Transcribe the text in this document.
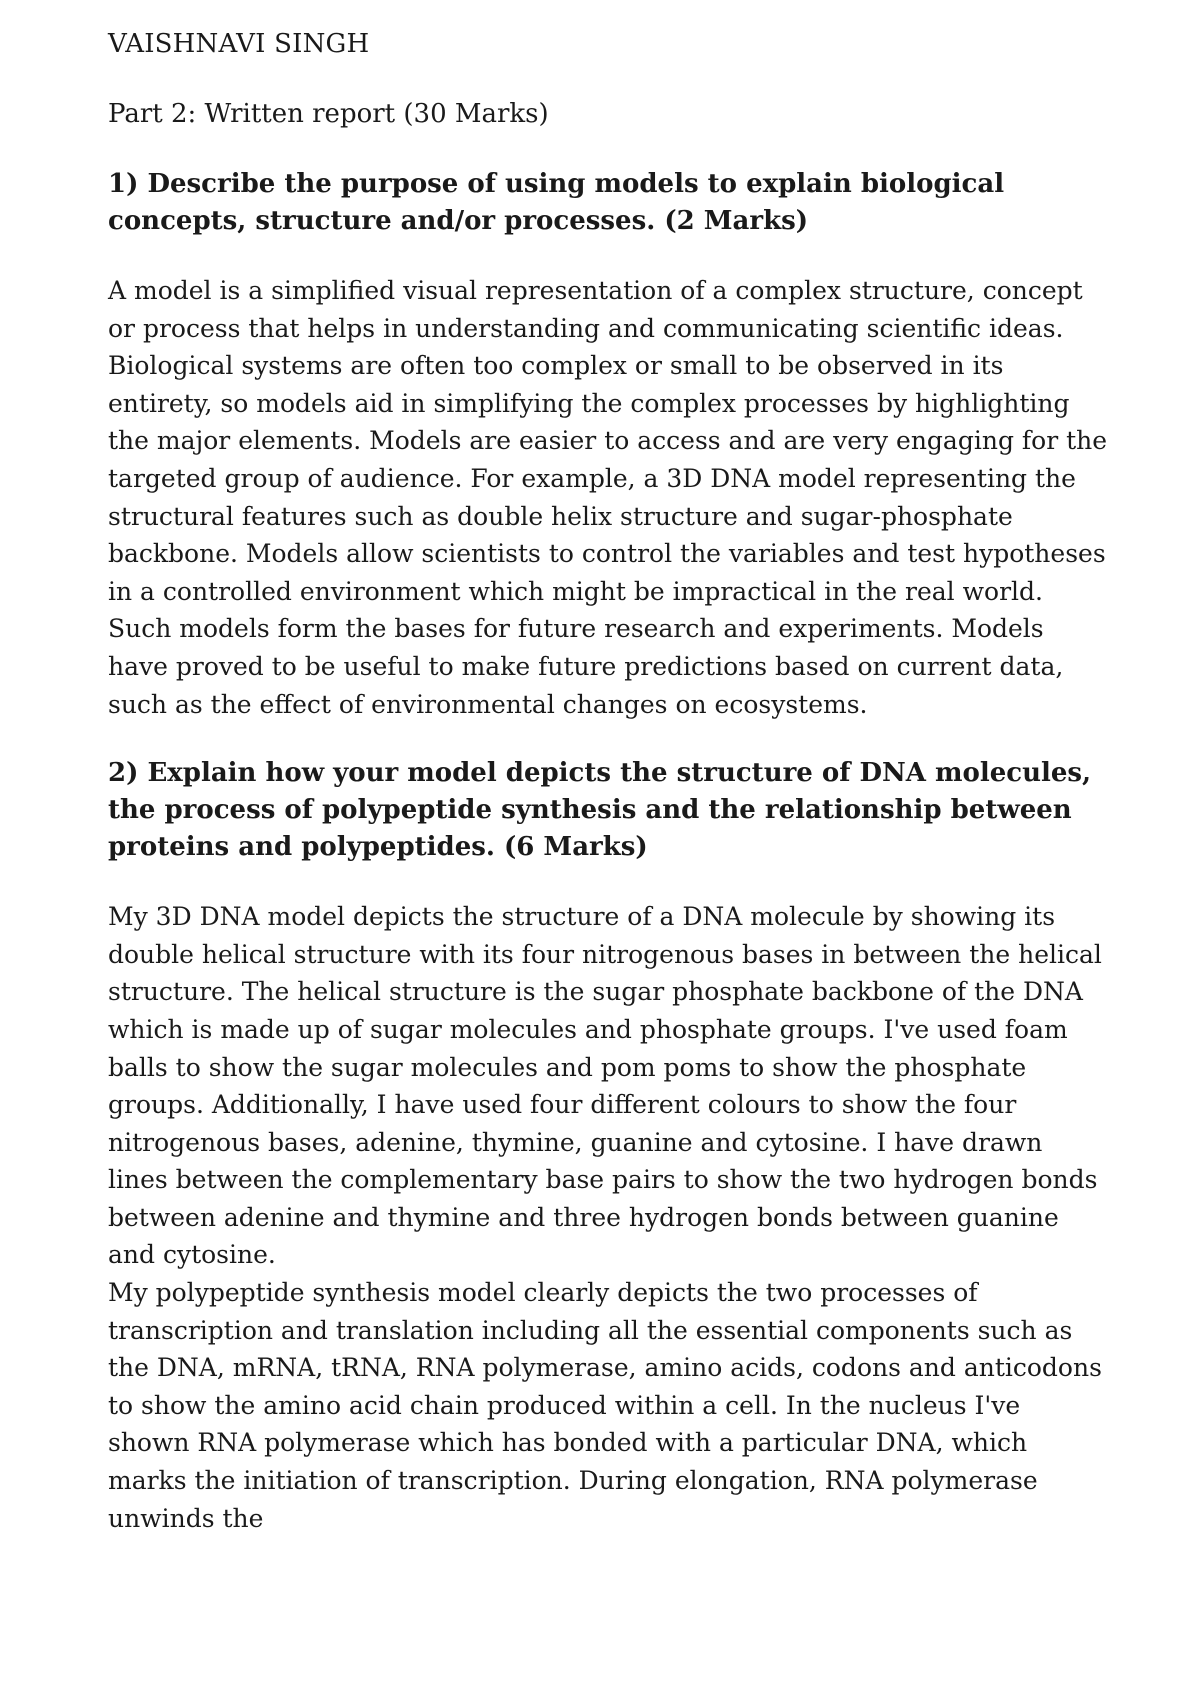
VAISHNAVI SINGH
Part 2: Written report (30 Marks)
1) Describe the purpose of using models to explain biological concepts, structure and/or processes. (2 Marks)

A model is a simplified visual representation of a complex structure, concept or process that helps in understanding and communicating scientific ideas. Biological systems are often too complex or small to be observed in its entirety, so models aid in simplifying the complex processes by highlighting the major elements. Models are easier to access and are very engaging for the targeted group of audience. For example, a 3D DNA model representing the structural features such as double helix structure and sugar-phosphate backbone. Models allow scientists to control the variables and test hypotheses in a controlled environment which might be impractical in the real world. Such models form the bases for future research and experiments. Models have proved to be useful to make future predictions based on current data, such as the effect of environmental changes on ecosystems.

2) Explain how your model depicts the structure of DNA molecules, the process of polypeptide synthesis and the relationship between proteins and polypeptides. (6 Marks)

My 3D DNA model depicts the structure of a DNA molecule by showing its double helical structure with its four nitrogenous bases in between the helical structure. The helical structure is the sugar phosphate backbone of the DNA which is made up of sugar molecules and phosphate groups. I've used foam balls to show the sugar molecules and pom poms to show the phosphate groups. Additionally, I have used four different colours to show the four nitrogenous bases, adenine, thymine, guanine and cytosine. I have drawn lines between the complementary base pairs to show the two hydrogen bonds between adenine and thymine and three hydrogen bonds between guanine and cytosine.

My polypeptide synthesis model clearly depicts the two processes of transcription and translation including all the essential components such as the DNA, mRNA, tRNA, RNA polymerase, amino acids, codons and anticodons to show the amino acid chain produced within a cell. In the nucleus I've shown RNA polymerase which has bonded with a particular DNA, which marks the initiation of transcription. During elongation, RNA polymerase unwinds the
